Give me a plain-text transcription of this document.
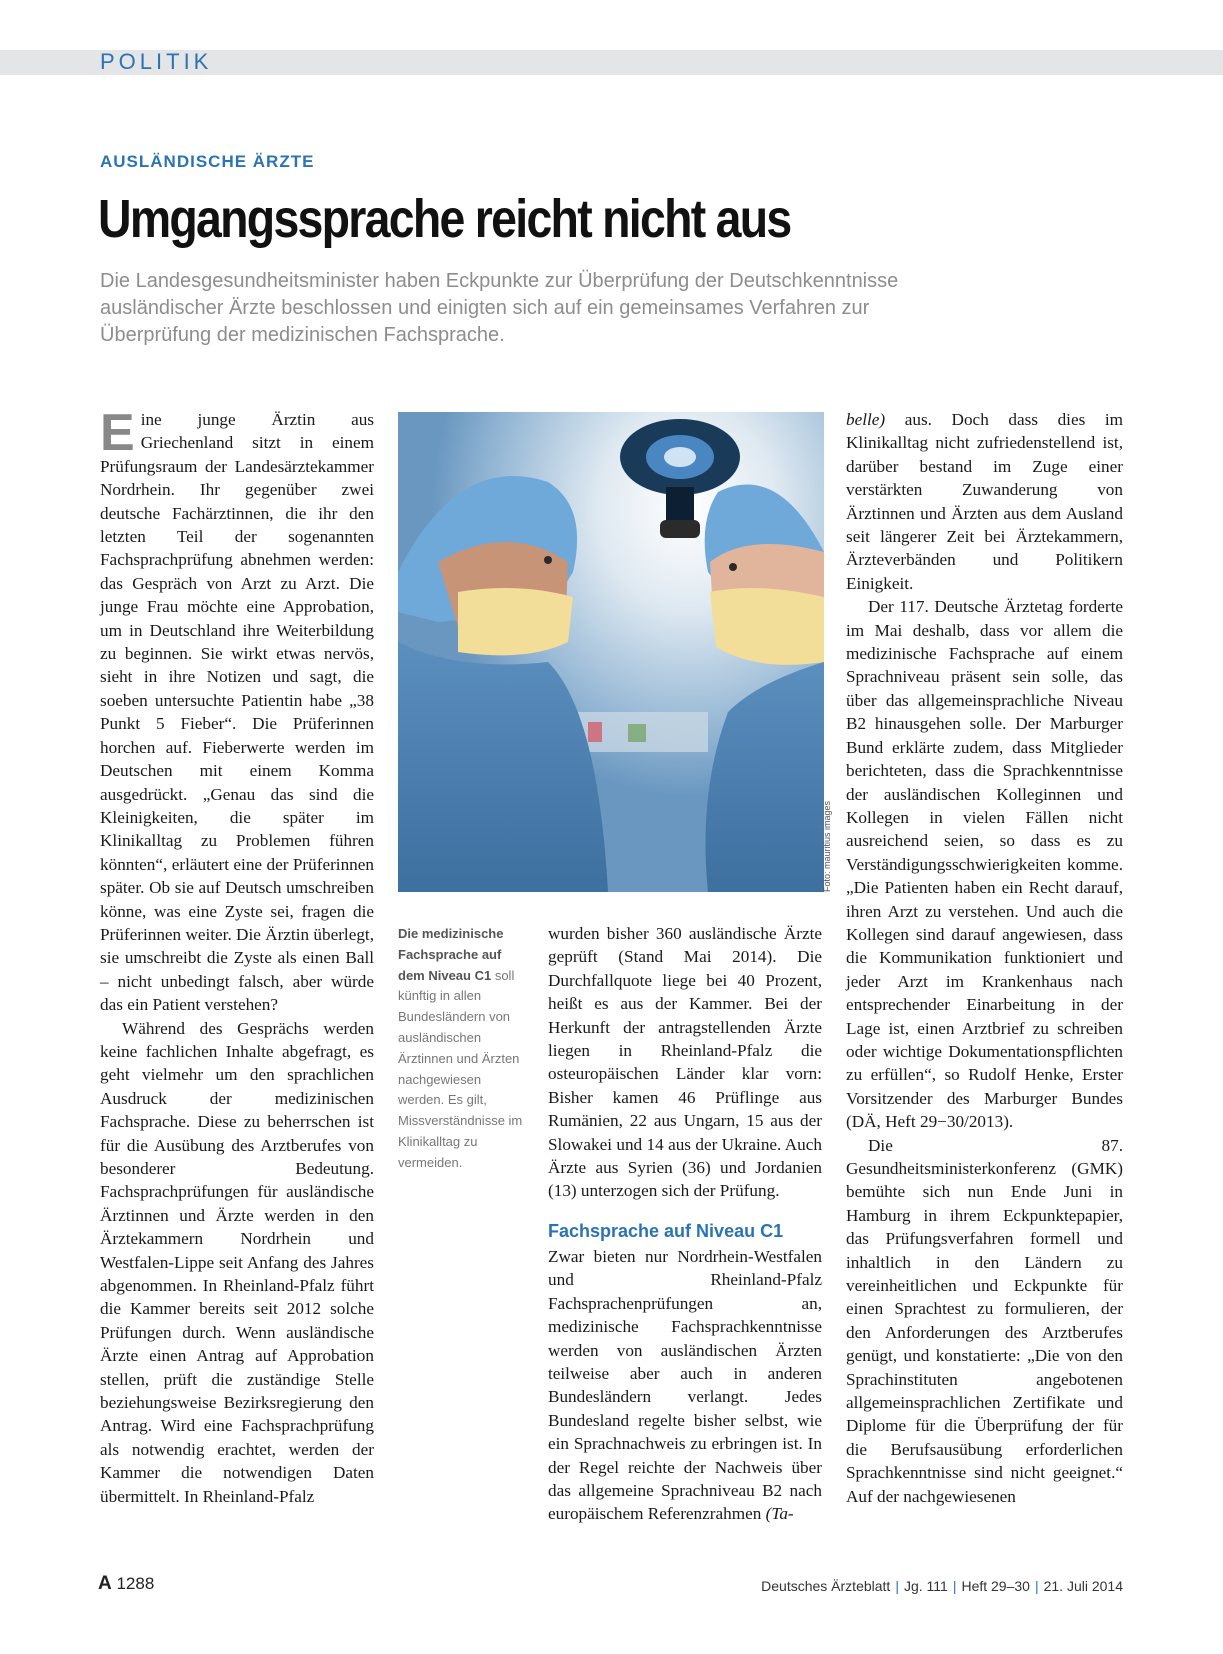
POLITIK
AUSLÄNDISCHE ÄRZTE
Umgangssprache reicht nicht aus

Die Landesgesundheitsminister haben Eckpunkte zur Überprüfung der Deutschkenntnisse ausländischer Ärzte beschlossen und einigten sich auf ein gemeinsames Verfahren zur Überprüfung der medizinischen Fachsprache.

Eine junge Ärztin aus Griechenland sitzt in einem Prüfungsraum der Landesärztekammer Nordrhein. Ihr gegenüber zwei deutsche Fachärztinnen, die ihr den letzten Teil der sogenannten Fachsprachprüfung abnehmen werden: das Gespräch von Arzt zu Arzt. Die junge Frau möchte eine Approbation, um in Deutschland ihre Weiterbildung zu beginnen. Sie wirkt etwas nervös, sieht in ihre Notizen und sagt, die soeben untersuchte Patientin habe „38 Punkt 5 Fieber“. Die Prüferinnen horchen auf. Fieberwerte werden im Deutschen mit einem Komma ausgedrückt. „Genau das sind die Kleinigkeiten, die später im Klinikalltag zu Problemen führen könnten“, erläutert eine der Prüferinnen später. Ob sie auf Deutsch umschreiben könne, was eine Zyste sei, fragen die Prüferinnen weiter. Die Ärztin überlegt, sie umschreibt die Zyste als einen Ball – nicht unbedingt falsch, aber würde das ein Patient verstehen?

Während des Gesprächs werden keine fachlichen Inhalte abgefragt, es geht vielmehr um den sprachlichen Ausdruck der medizinischen Fachsprache. Diese zu beherrschen ist für die Ausübung des Arztberufes von besonderer Bedeutung. Fachsprachprüfungen für ausländische Ärztinnen und Ärzte werden in den Ärztekammern Nordrhein und Westfalen-Lippe seit Anfang des Jahres abgenommen. In Rheinland-Pfalz führt die Kammer bereits seit 2012 solche Prüfungen durch. Wenn ausländische Ärzte einen Antrag auf Approbation stellen, prüft die zuständige Stelle beziehungsweise Bezirksregierung den Antrag. Wird eine Fachsprachprüfung als notwendig erachtet, werden der Kammer die notwendigen Daten übermittelt. In Rheinland-Pfalz

Foto: mauritius images
Die medizinische Fachsprache auf dem Niveau C1 soll künftig in allen Bundesländern von ausländischen Ärztinnen und Ärzten nachgewiesen werden. Es gilt, Missverständnisse im Klinikalltag zu vermeiden.

wurden bisher 360 ausländische Ärzte geprüft (Stand Mai 2014). Die Durchfallquote liege bei 40 Prozent, heißt es aus der Kammer. Bei der Herkunft der antragstellenden Ärzte liegen in Rheinland-Pfalz die osteuropäischen Länder klar vorn: Bisher kamen 46 Prüflinge aus Rumänien, 22 aus Ungarn, 15 aus der Slowakei und 14 aus der Ukraine. Auch Ärzte aus Syrien (36) und Jordanien (13) unterzogen sich der Prüfung.

Fachsprache auf Niveau C1

Zwar bieten nur Nordrhein-Westfalen und Rheinland-Pfalz Fachsprachenprüfungen an, medizinische Fachsprachkenntnisse werden von ausländischen Ärzten teilweise aber auch in anderen Bundesländern verlangt. Jedes Bundesland regelte bisher selbst, wie ein Sprachnachweis zu erbringen ist. In der Regel reichte der Nachweis über das allgemeine Sprachniveau B2 nach europäischem Referenzrahmen (Ta-

belle) aus. Doch dass dies im Klinikalltag nicht zufriedenstellend ist, darüber bestand im Zuge einer verstärkten Zuwanderung von Ärztinnen und Ärzten aus dem Ausland seit längerer Zeit bei Ärztekammern, Ärzteverbänden und Politikern Einigkeit.

Der 117. Deutsche Ärztetag forderte im Mai deshalb, dass vor allem die medizinische Fachsprache auf einem Sprachniveau präsent sein solle, das über das allgemeinsprachliche Niveau B2 hinausgehen solle. Der Marburger Bund erklärte zudem, dass Mitglieder berichteten, dass die Sprachkenntnisse der ausländischen Kolleginnen und Kollegen in vielen Fällen nicht ausreichend seien, so dass es zu Verständigungsschwierigkeiten komme. „Die Patienten haben ein Recht darauf, ihren Arzt zu verstehen. Und auch die Kollegen sind darauf angewiesen, dass die Kommunikation funktioniert und jeder Arzt im Krankenhaus nach entsprechender Einarbeitung in der Lage ist, einen Arztbrief zu schreiben oder wichtige Dokumentationspflichten zu erfüllen“, so Rudolf Henke, Erster Vorsitzender des Marburger Bundes (DÄ, Heft 29−30/2013).

Die 87. Gesundheitsministerkonferenz (GMK) bemühte sich nun Ende Juni in Hamburg in ihrem Eckpunktepapier, das Prüfungsverfahren formell und inhaltlich in den Ländern zu vereinheitlichen und Eckpunkte für einen Sprachtest zu formulieren, der den Anforderungen des Arztberufes genügt, und konstatierte: „Die von den Sprachinstituten angebotenen allgemeinsprachlichen Zertifikate und Diplome für die Überprüfung der für die Berufsausübung erforderlichen Sprachkenntnisse sind nicht geeignet.“ Auf der nachgewiesenen

A 1288	Deutsches Ärzteblatt | Jg. 111 | Heft 29–30 | 21. Juli 2014
